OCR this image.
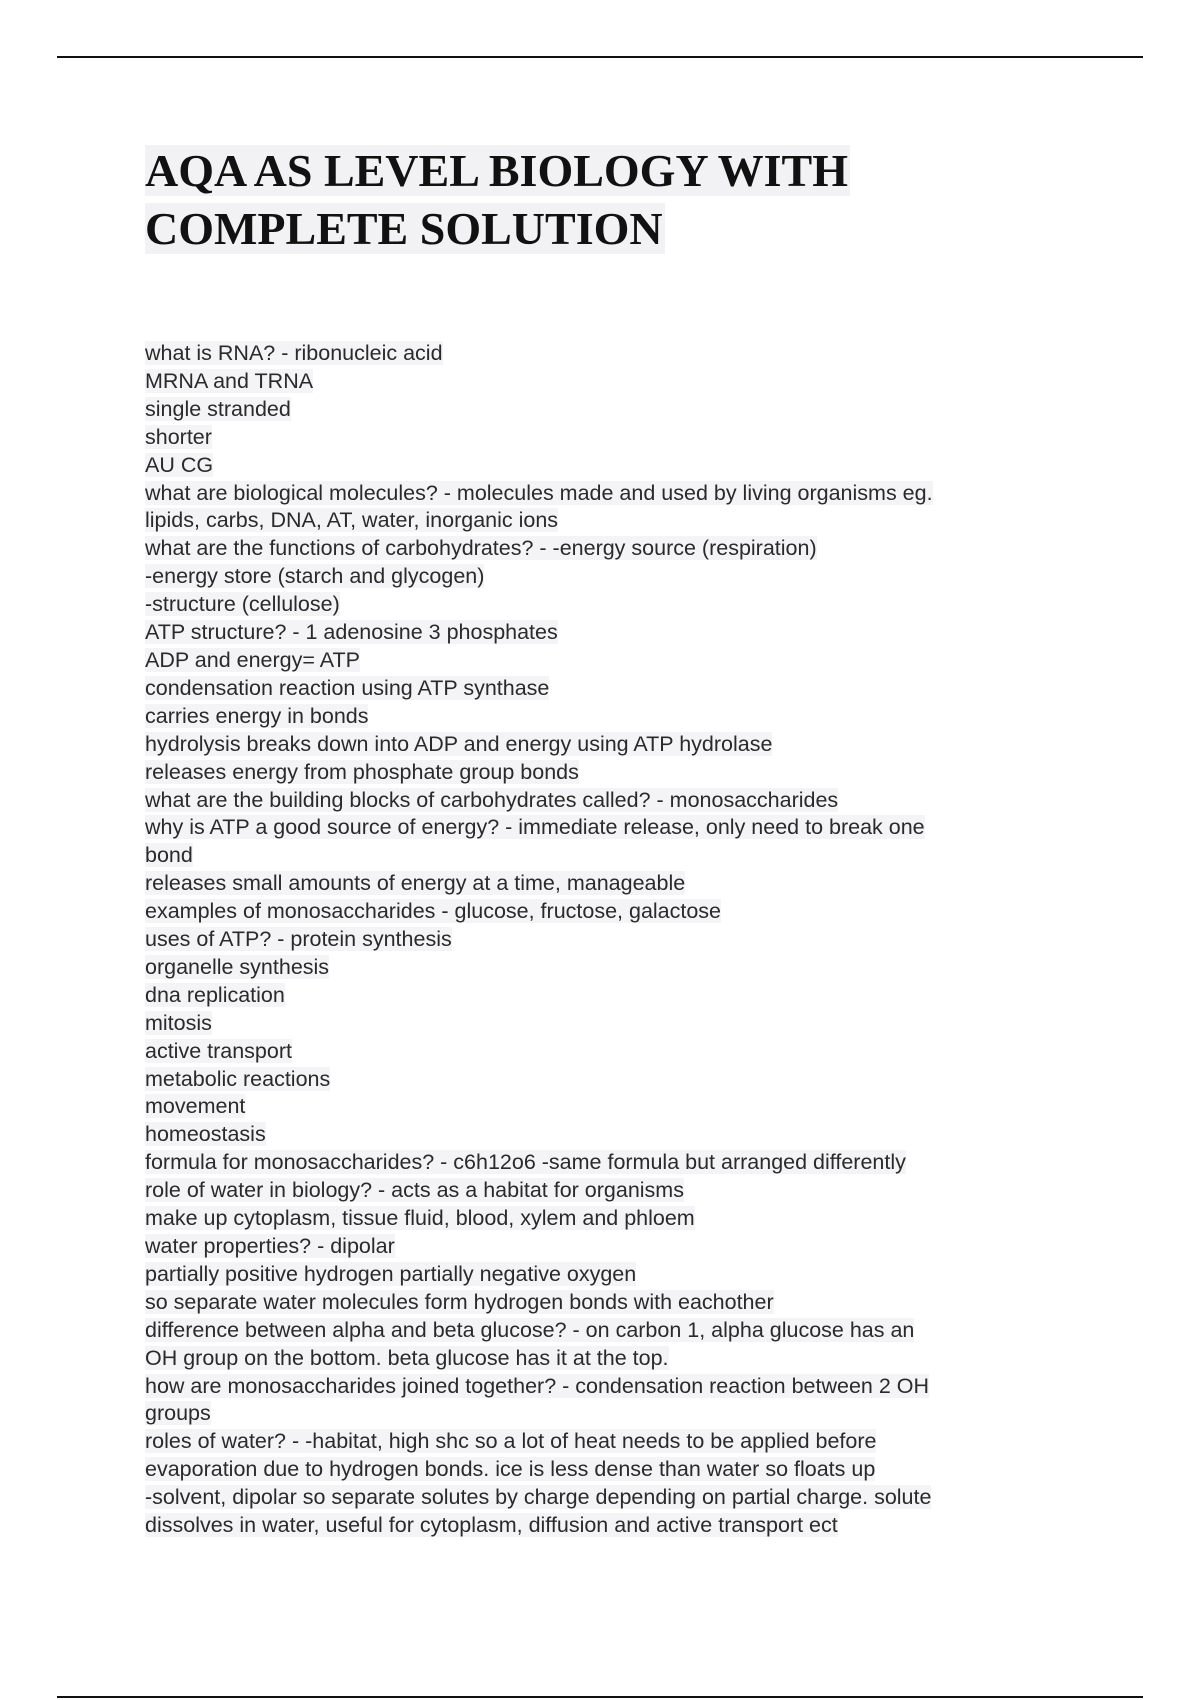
AQA AS LEVEL BIOLOGY WITH
COMPLETE SOLUTION
what is RNA? - ribonucleic acid
MRNA and TRNA
single stranded
shorter
AU CG
what are biological molecules? - molecules made and used by living organisms eg.
lipids, carbs, DNA, AT, water, inorganic ions
what are the functions of carbohydrates? - -energy source (respiration)
-energy store (starch and glycogen)
-structure (cellulose)
ATP structure? - 1 adenosine 3 phosphates
ADP and energy= ATP
condensation reaction using ATP synthase
carries energy in bonds
hydrolysis breaks down into ADP and energy using ATP hydrolase
releases energy from phosphate group bonds
what are the building blocks of carbohydrates called? - monosaccharides
why is ATP a good source of energy? - immediate release, only need to break one
bond
releases small amounts of energy at a time, manageable
examples of monosaccharides - glucose, fructose, galactose
uses of ATP? - protein synthesis
organelle synthesis
dna replication
mitosis
active transport
metabolic reactions
movement
homeostasis
formula for monosaccharides? - c6h12o6 -same formula but arranged differently
role of water in biology? - acts as a habitat for organisms
make up cytoplasm, tissue fluid, blood, xylem and phloem
water properties? - dipolar
partially positive hydrogen partially negative oxygen
so separate water molecules form hydrogen bonds with eachother
difference between alpha and beta glucose? - on carbon 1, alpha glucose has an
OH group on the bottom. beta glucose has it at the top.
how are monosaccharides joined together? - condensation reaction between 2 OH
groups
roles of water? - -habitat, high shc so a lot of heat needs to be applied before
evaporation due to hydrogen bonds. ice is less dense than water so floats up
-solvent, dipolar so separate solutes by charge depending on partial charge. solute
dissolves in water, useful for cytoplasm, diffusion and active transport ect
